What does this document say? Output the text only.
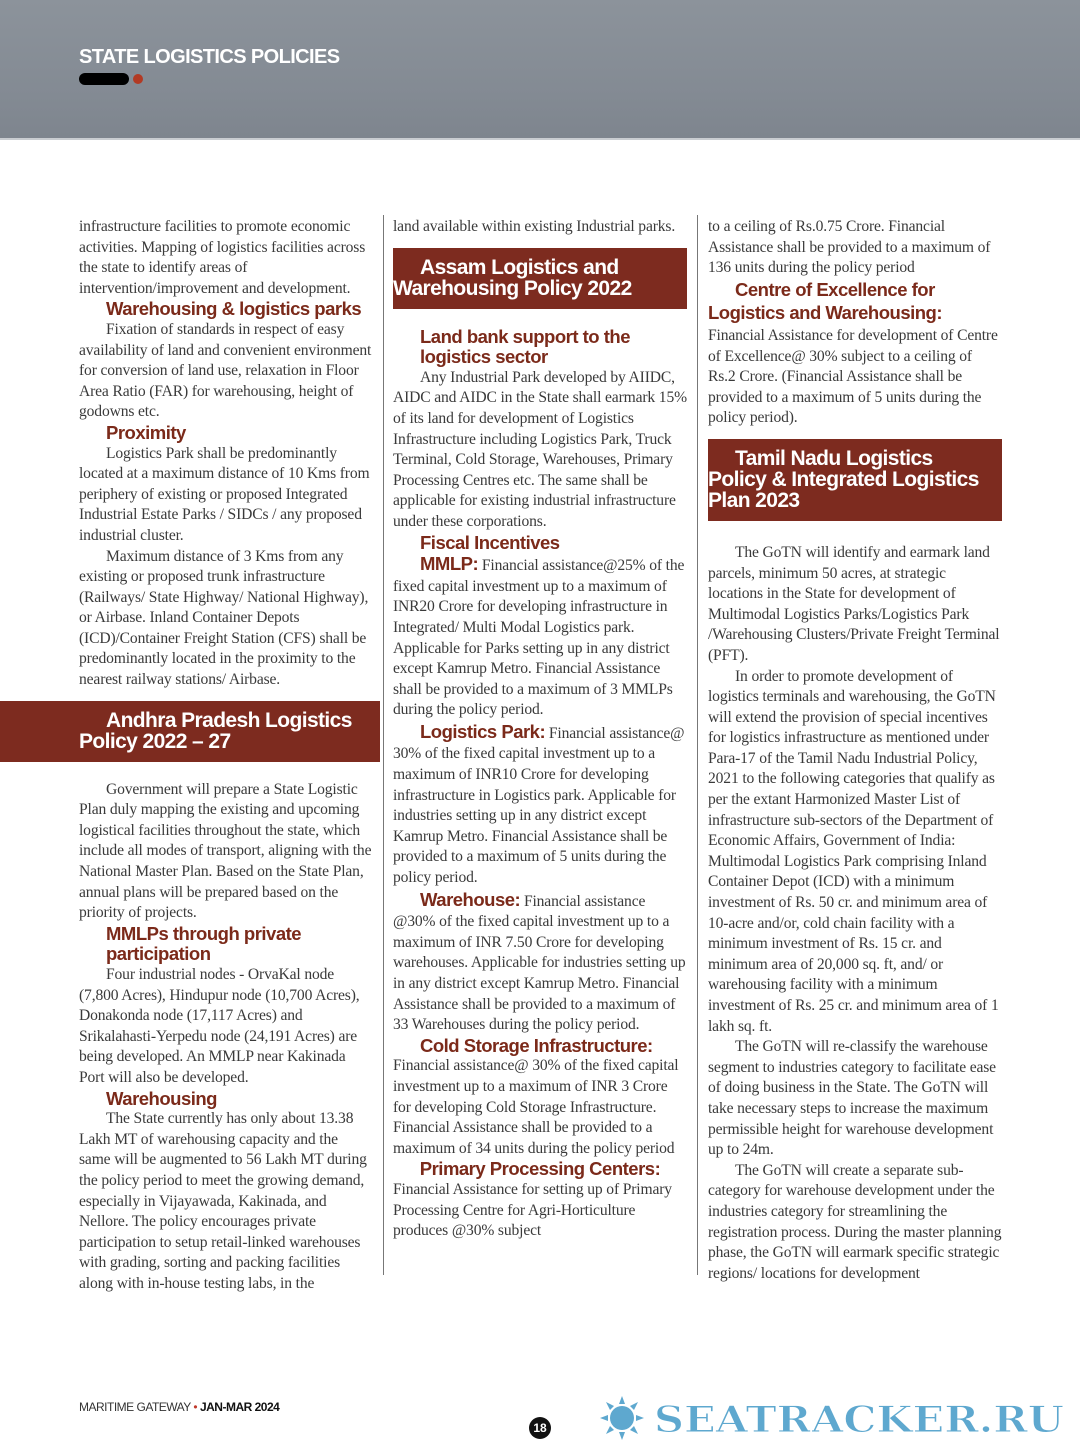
STATE LOGISTICS POLICIES
infrastructure facilities to promote economic activities. Mapping of logistics facilities across the state to identify areas of intervention/improvement and development.
Warehousing & logistics parks
Fixation of standards in respect of easy availability of land and convenient environment for conversion of land use, relaxation in Floor Area Ratio (FAR) for warehousing, height of godowns etc.
Proximity
Logistics Park shall be predominantly located at a maximum distance of 10 Kms from periphery of existing or proposed Integrated Industrial Estate Parks / SIDCs / any proposed industrial cluster.
Maximum distance of 3 Kms from any existing or proposed trunk infrastructure (Railways/ State Highway/ National Highway), or Airbase. Inland Container Depots (ICD)/Container Freight Station (CFS) shall be predominantly located in the proximity to the nearest railway stations/ Airbase.
Andhra Pradesh Logistics Policy 2022 – 27
Government will prepare a State Logistic Plan duly mapping the existing and upcoming logistical facilities throughout the state, which include all modes of transport, aligning with the National Master Plan. Based on the State Plan, annual plans will be prepared based on the priority of projects.
MMLPs through private participation
Four industrial nodes - OrvaKal node (7,800 Acres), Hindupur node (10,700 Acres), Donakonda node (17,117 Acres) and Srikalahasti-Yerpedu node (24,191 Acres) are being developed. An MMLP near Kakinada Port will also be developed.
Warehousing
The State currently has only about 13.38 Lakh MT of warehousing capacity and the same will be augmented to 56 Lakh MT during the policy period to meet the growing demand, especially in Vijayawada, Kakinada, and Nellore. The policy encourages private participation to setup retail-linked warehouses with grading, sorting and packing facilities along with in-house testing labs, in the
land available within existing Industrial parks.
Assam Logistics and Warehousing Policy 2022
Land bank support to the logistics sector
Any Industrial Park developed by AIIDC, AIDC and AIDC in the State shall earmark 15% of its land for development of Logistics Infrastructure including Logistics Park, Truck Terminal, Cold Storage, Warehouses, Primary Processing Centres etc. The same shall be applicable for existing industrial infrastructure under these corporations.
Fiscal Incentives
MMLP: Financial assistance@25% of the fixed capital investment up to a maximum of INR20 Crore for developing infrastructure in Integrated/ Multi Modal Logistics park. Applicable for Parks setting up in any district except Kamrup Metro. Financial Assistance shall be provided to a maximum of 3 MMLPs during the policy period.
Logistics Park: Financial assistance@ 30% of the fixed capital investment up to a maximum of INR10 Crore for developing infrastructure in Logistics park. Applicable for industries setting up in any district except Kamrup Metro. Financial Assistance shall be provided to a maximum of 5 units during the policy period.
Warehouse: Financial assistance @30% of the fixed capital investment up to a maximum of INR 7.50 Crore for developing warehouses. Applicable for industries setting up in any district except Kamrup Metro. Financial Assistance shall be provided to a maximum of 33 Warehouses during the policy period.
Cold Storage Infrastructure:
Financial assistance@ 30% of the fixed capital investment up to a maximum of INR 3 Crore for developing Cold Storage Infrastructure. Financial Assistance shall be provided to a maximum of 34 units during the policy period
Primary Processing Centers:
Financial Assistance for setting up of Primary Processing Centre for Agri-Horticulture produces @30% subject
to a ceiling of Rs.0.75 Crore. Financial Assistance shall be provided to a maximum of 136 units during the policy period
Centre of Excellence for Logistics and Warehousing: Financial Assistance for development of Centre of Excellence@ 30% subject to a ceiling of Rs.2 Crore. (Financial Assistance shall be provided to a maximum of 5 units during the policy period).
Tamil Nadu Logistics Policy & Integrated Logistics Plan 2023
The GoTN will identify and earmark land parcels, minimum 50 acres, at strategic locations in the State for development of Multimodal Logistics Parks/Logistics Park /Warehousing Clusters/Private Freight Terminal (PFT).
In order to promote development of logistics terminals and warehousing, the GoTN will extend the provision of special incentives for logistics infrastructure as mentioned under Para-17 of the Tamil Nadu Industrial Policy, 2021 to the following categories that qualify as per the extant Harmonized Master List of infrastructure sub-sectors of the Department of Economic Affairs, Government of India: Multimodal Logistics Park comprising Inland Container Depot (ICD) with a minimum investment of Rs. 50 cr. and minimum area of 10-acre and/or, cold chain facility with a minimum investment of Rs. 15 cr. and minimum area of 20,000 sq. ft, and/ or warehousing facility with a minimum investment of Rs. 25 cr. and minimum area of 1 lakh sq. ft.
The GoTN will re-classify the warehouse segment to industries category to facilitate ease of doing business in the State. The GoTN will take necessary steps to increase the maximum permissible height for warehouse development up to 24m.
The GoTN will create a separate sub-category for warehouse development under the industries category for streamlining the registration process. During the master planning phase, the GoTN will earmark specific strategic regions/ locations for development
SEATRACKER.RU
MARITIME GATEWAY • JAN-MAR 2024
18
